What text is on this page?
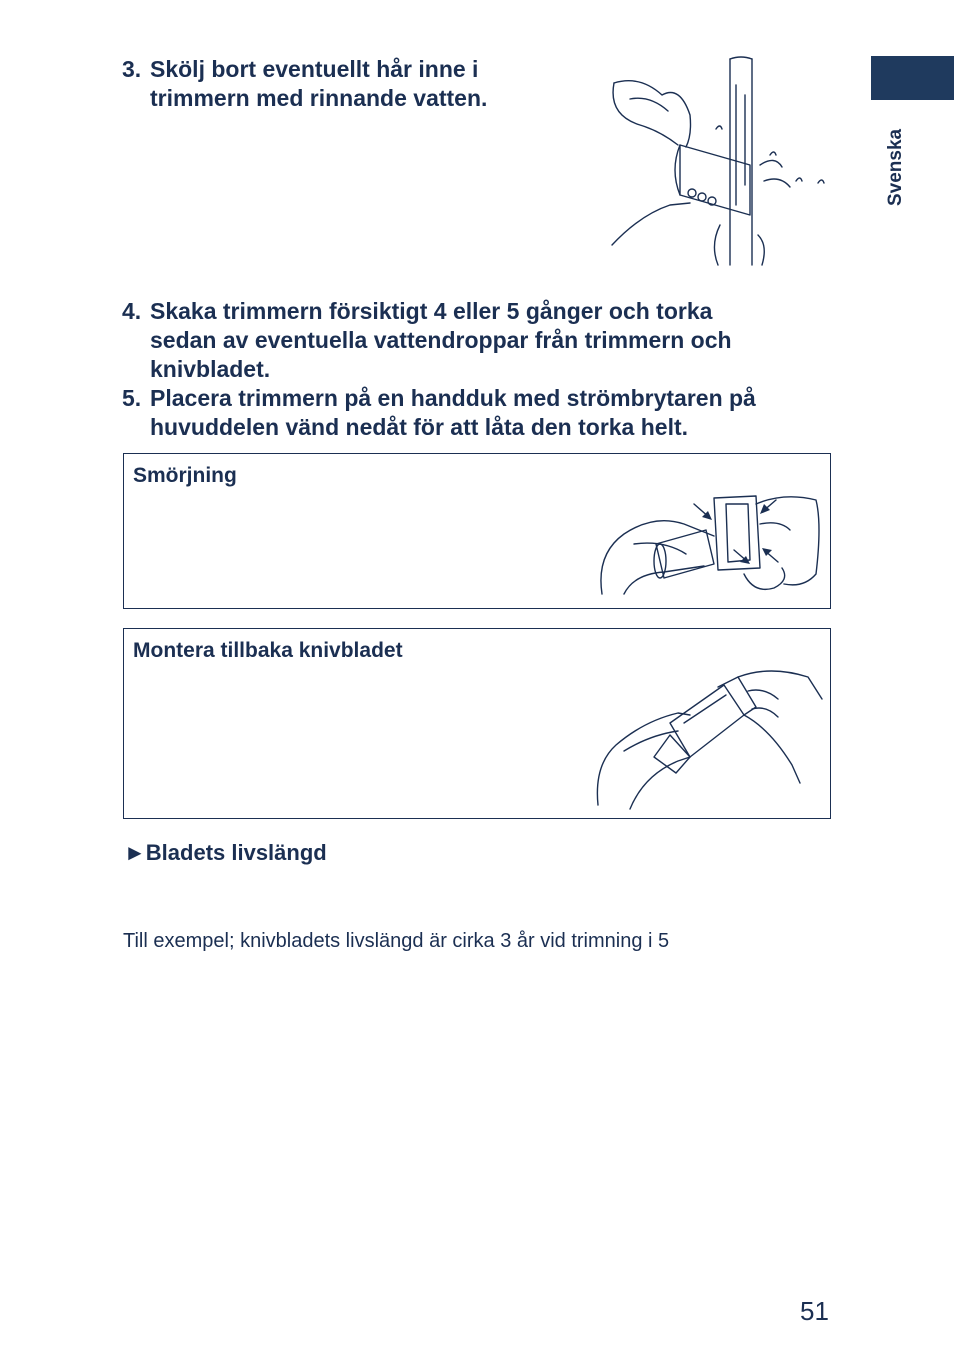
Svenska
3. Skölj bort eventuellt hår inne i
trimmern med rinnande vatten.
4. Skaka trimmern försiktigt 4 eller 5 gånger och torka
sedan av eventuella vattendroppar från trimmern och
knivbladet.
5. Placera trimmern på en handduk med strömbrytaren på
huvuddelen vänd nedåt för att låta den torka helt.
Smörjning
Montera tillbaka knivbladet
►Bladets livslängd
Till exempel; knivbladets livslängd är cirka 3 år vid trimning i 5
51
